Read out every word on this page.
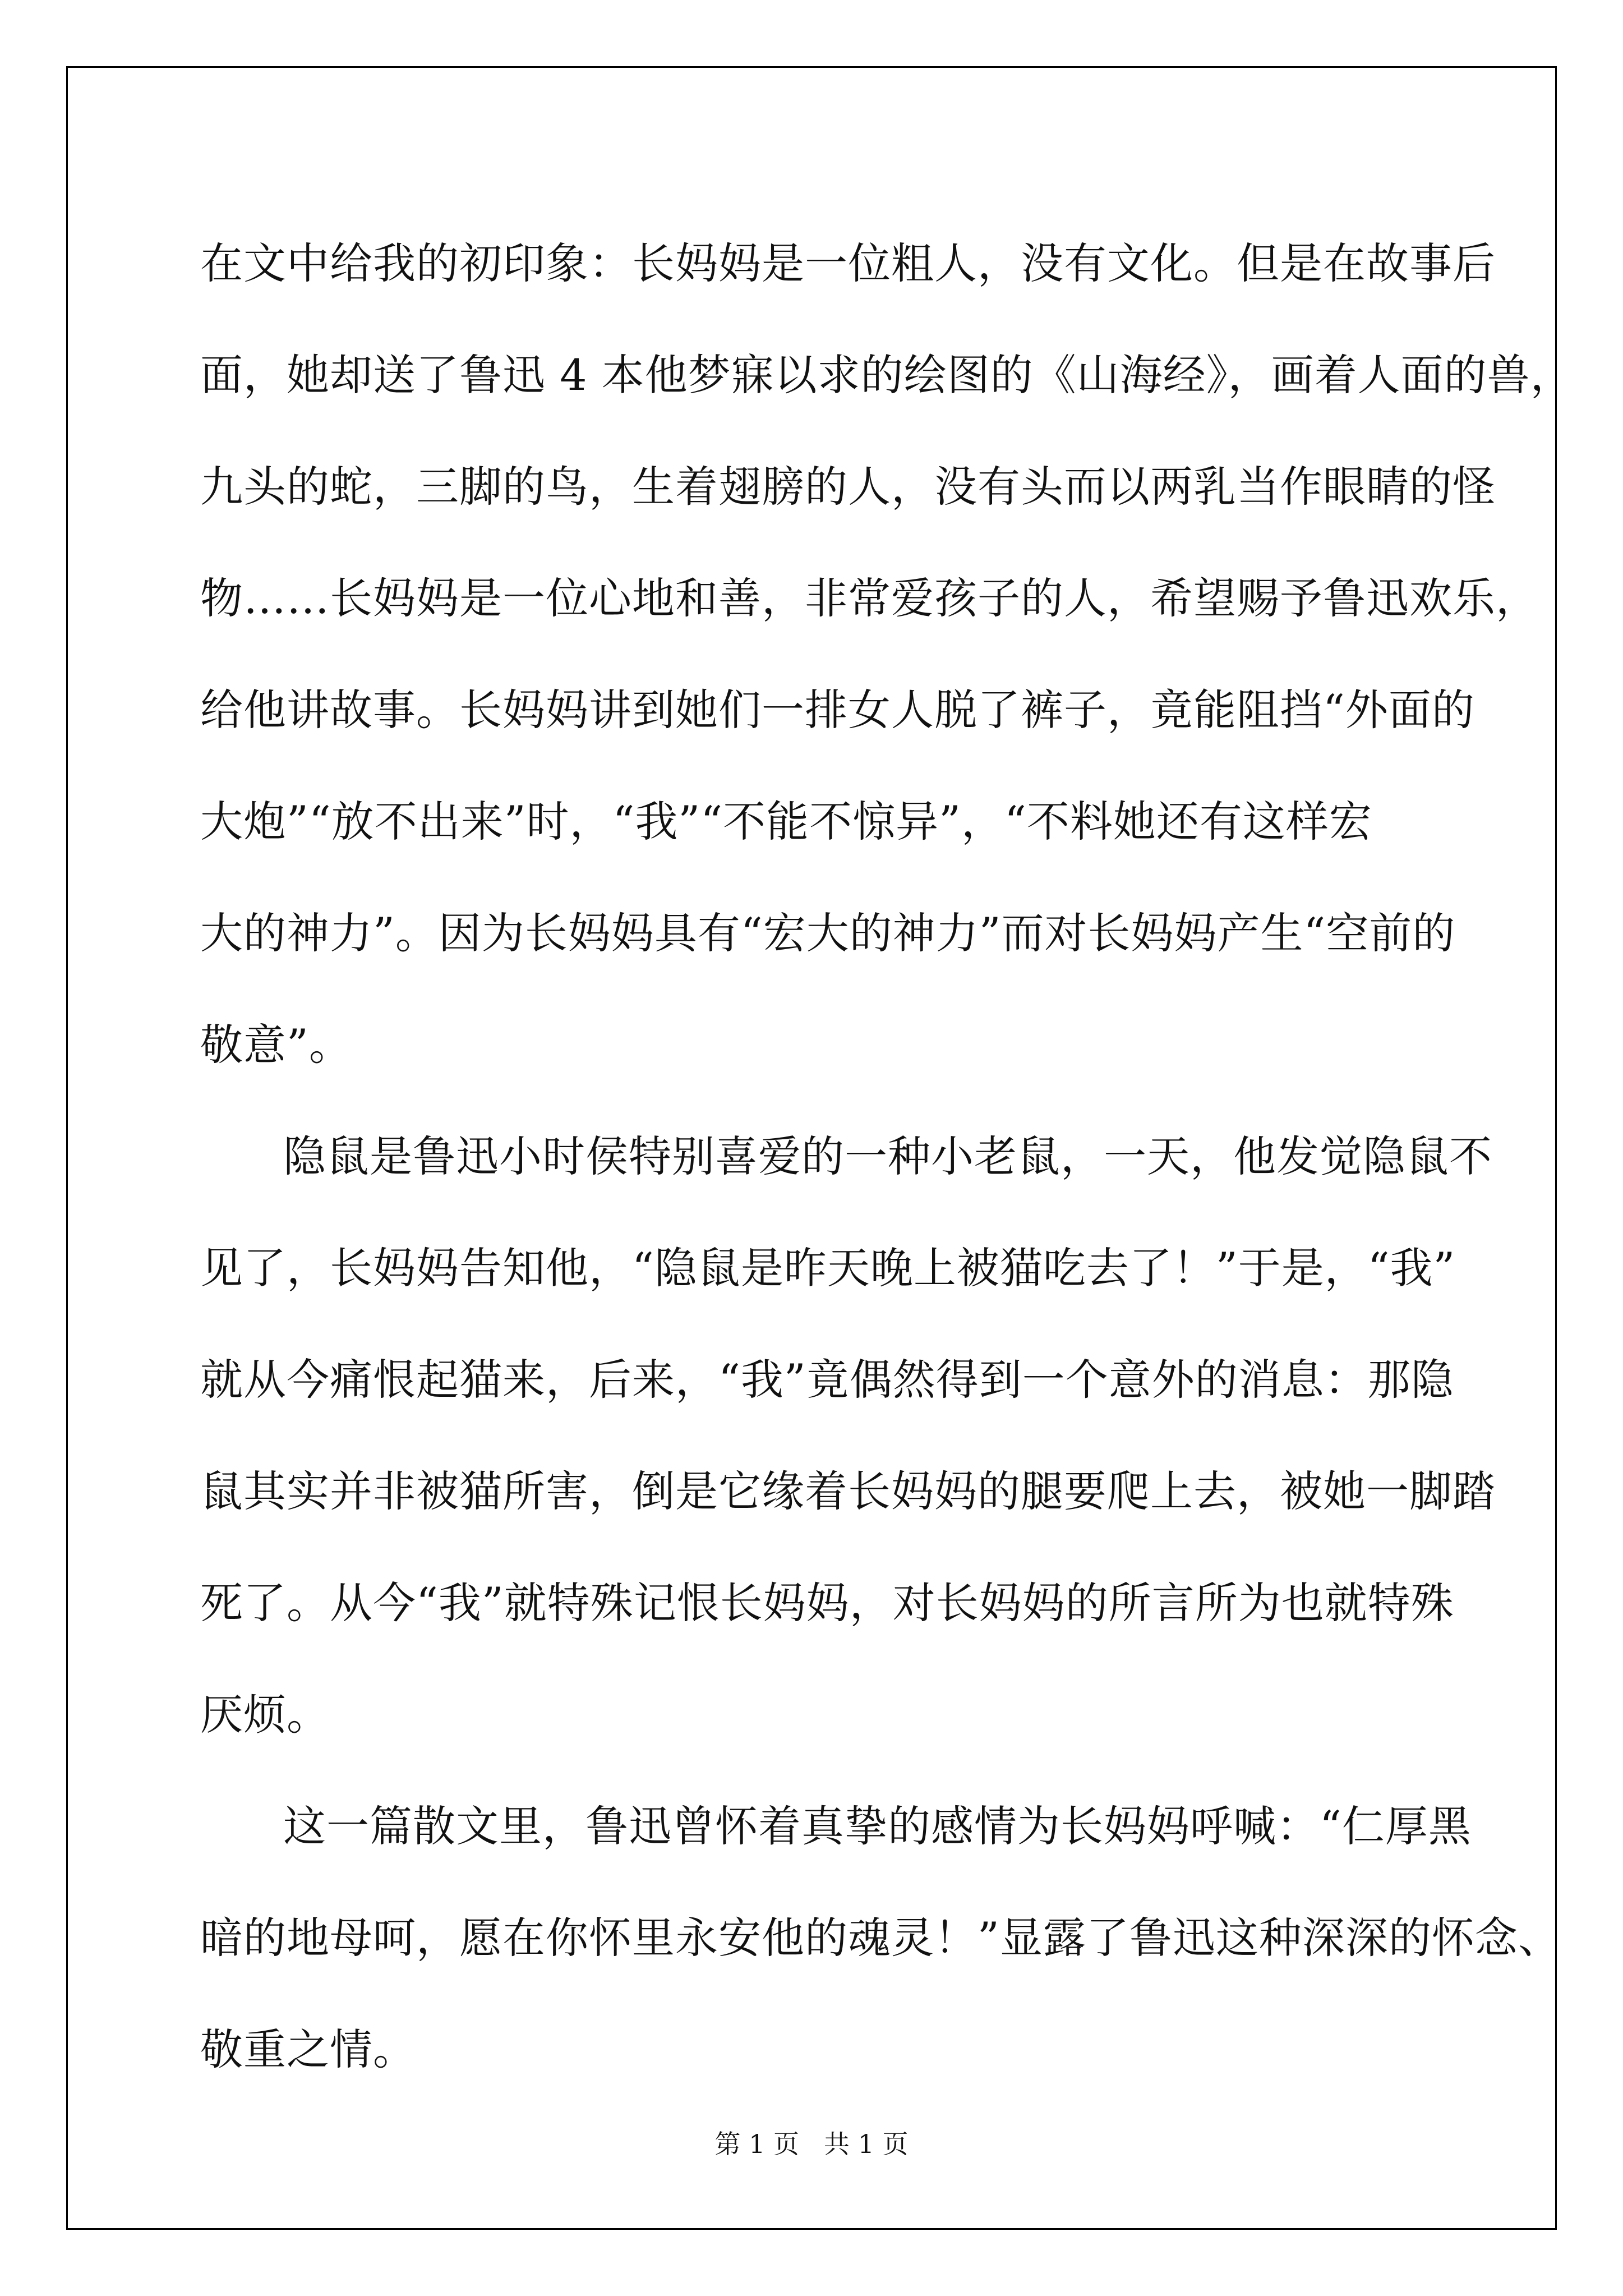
在文中给我的初印象：长妈妈是一位粗人，没有文化。但是在故事后
面，她却送了鲁迅 4 本他梦寐以求的绘图的《山海经》，画着人面的兽，
九头的蛇，三脚的鸟，生着翅膀的人，没有头而以两乳当作眼睛的怪
物……长妈妈是一位心地和善，非常爱孩子的人，希望赐予鲁迅欢乐，
给他讲故事。长妈妈讲到她们一排女人脱了裤子，竟能阻挡“外面的
大炮”“放不出来”时，“我”“不能不惊异”，“不料她还有这样宏
大的神力”。因为长妈妈具有“宏大的神力”而对长妈妈产生“空前的
敬意”。
隐鼠是鲁迅小时侯特别喜爱的一种小老鼠，一天，他发觉隐鼠不
见了，长妈妈告知他，“隐鼠是昨天晚上被猫吃去了！”于是，“我”
就从今痛恨起猫来，后来，“我”竟偶然得到一个意外的消息：那隐
鼠其实并非被猫所害，倒是它缘着长妈妈的腿要爬上去，被她一脚踏
死了。从今“我”就特殊记恨长妈妈，对长妈妈的所言所为也就特殊
厌烦。
这一篇散文里，鲁迅曾怀着真挚的感情为长妈妈呼喊：“仁厚黑
暗的地母呵，愿在你怀里永安他的魂灵！”显露了鲁迅这种深深的怀念、
敬重之情。
第 1 页 共 1 页
